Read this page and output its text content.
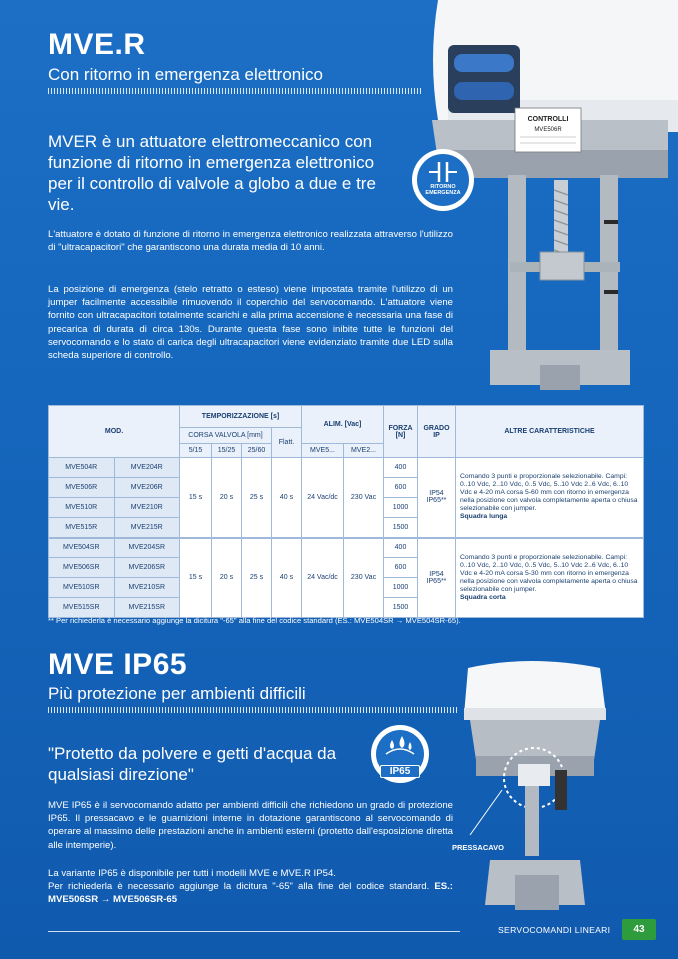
MVE.R
Con ritorno in emergenza elettronico
MVER è un attuatore elettromeccanico con funzione di ritorno in emergenza elettronico per il controllo di valvole a globo a due e tre vie.
L'attuatore è dotato di funzione di ritorno in emergenza elettronico realizzata attraverso l'utilizzo di "ultracapacitori" che garantiscono una durata media di 10 anni.
La posizione di emergenza (stelo retratto o esteso) viene impostata tramite l'utilizzo di un jumper facilmente accessibile rimuovendo il coperchio del servocomando. L'attuatore viene fornito con ultracapacitori totalmente scarichi e alla prima accensione è necessaria una fase di precarica di durata di circa 130s. Durante questa fase sono inibite tutte le funzioni del servocomando e lo stato di carica degli ultracapacitori viene evidenziato tramite due LED sulla scheda superiore di controllo.
CONTROLLI
MVE506R
RITORNO EMERGENZA
MOD.		TEMPORIZZAZIONE [s]				ALIM. [Vac]		FORZA [N]	GRADO IP	ALTRE CARATTERISTICHE
		CORSA VALVOLA [mm]			Flatt.					
		5/15	15/25	25/60		MVE5...	MVE2...			
MVE504R	MVE204R	15 s	20 s	25 s	40 s	24 Vac/dc	230 Vac	400	IP54 IP65**	Comando 3 punti e proporzionale selezionabile. Campi: 0..10 Vdc, 2..10 Vdc, 0..5 Vdc, 5..10 Vdc 2..6 Vdc, 6..10 Vdc e 4-20 mA corsa 5-60 mm con ritorno in emergenza nella posizione con valvola completamente aperta o chiusa selezionabile con jumper.
Squadra lunga
MVE506R	MVE206R							600		
MVE510R	MVE210R							1000		
MVE515R	MVE215R							1500		
MVE504SR	MVE204SR	15 s	20 s	25 s	40 s	24 Vac/dc	230 Vac	400	IP54 IP65**	Comando 3 punti e proporzionale selezionabile. Campi: 0..10 Vdc, 2..10 Vdc, 0..5 Vdc, 5..10 Vdc 2..6 Vdc, 6..10 Vdc e 4-20 mA corsa 5-30 mm con ritorno in emergenza nella posizione con valvola completamente aperta o chiusa selezionabile con jumper.
Squadra corta
MVE506SR	MVE206SR							600		
MVE510SR	MVE210SR							1000		
MVE515SR	MVE215SR							1500		
** Per richiederla è necessario aggiunge la dicitura "-65" alla fine del codice standard (ES.: MVE504SR → MVE504SR-65).
MVE IP65
Più protezione per ambienti difficili
"Protetto da polvere e getti d'acqua da qualsiasi direzione"	IP65
MVE IP65 è il servocomando adatto per ambienti difficili che richiedono un grado di protezione IP65. Il pressacavo e le guarnizioni interne in dotazione garantiscono al servocomando di operare al massimo delle prestazioni anche in ambienti esterni (protetto dall'esposizione diretta alle intemperie).
La variante IP65 è disponibile per tutti i modelli MVE e MVE.R IP54.
Per richiederla è necessario aggiunge la dicitura "-65" alla fine del codice standard. ES.: MVE506SR → MVE506SR-65
PRESSACAVO
SERVOCOMANDI LINEARI	43
